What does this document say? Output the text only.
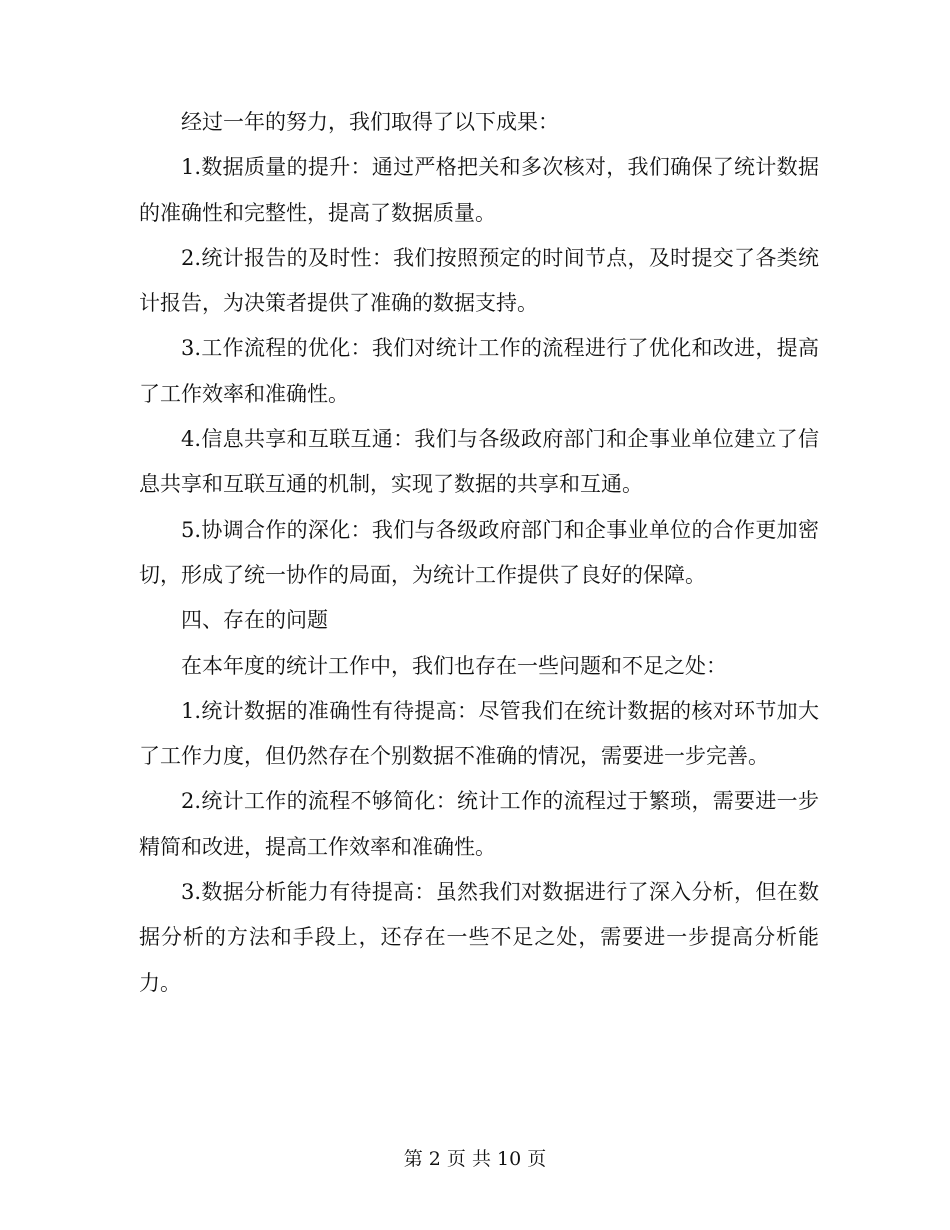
经过一年的努力，我们取得了以下成果：

1.数据质量的提升：通过严格把关和多次核对，我们确保了统计数据的准确性和完整性，提高了数据质量。

2.统计报告的及时性：我们按照预定的时间节点，及时提交了各类统计报告，为决策者提供了准确的数据支持。

3.工作流程的优化：我们对统计工作的流程进行了优化和改进，提高了工作效率和准确性。

4.信息共享和互联互通：我们与各级政府部门和企事业单位建立了信息共享和互联互通的机制，实现了数据的共享和互通。

5.协调合作的深化：我们与各级政府部门和企事业单位的合作更加密切，形成了统一协作的局面，为统计工作提供了良好的保障。

四、存在的问题

在本年度的统计工作中，我们也存在一些问题和不足之处：

1.统计数据的准确性有待提高：尽管我们在统计数据的核对环节加大了工作力度，但仍然存在个别数据不准确的情况，需要进一步完善。

2.统计工作的流程不够简化：统计工作的流程过于繁琐，需要进一步精简和改进，提高工作效率和准确性。

3.数据分析能力有待提高：虽然我们对数据进行了深入分析，但在数据分析的方法和手段上，还存在一些不足之处，需要进一步提高分析能力。

第 2 页 共 10 页
